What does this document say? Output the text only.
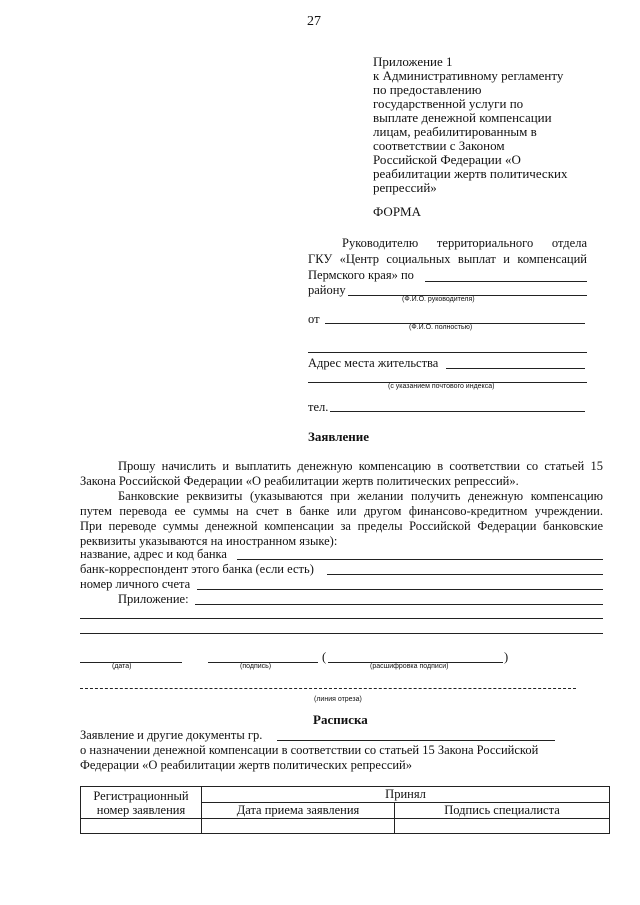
27
Приложение 1
к Административному регламенту
по предоставлению
государственной услуги по
выплате денежной компенсации
лицам, реабилитированным в
соответствии с Законом
Российской Федерации «О
реабилитации жертв политических
репрессий»
ФОРМА
Руководителю территориального отдела
ГКУ «Центр социальных выплат и компенсаций
Пермского края» по
району
(Ф.И.О. руководителя)
от
(Ф.И.О. полностью)
Адрес места жительства
(с указанием почтового индекса)
тел.
Заявление
Прошу начислить и выплатить денежную компенсацию в соответствии со статьей 15
Закона Российской Федерации «О реабилитации жертв политических репрессий».
Банковские реквизиты (указываются при желании получить денежную компенсацию
путем перевода ее суммы на счет в банке или другом финансово-кредитном учреждении.
При переводе суммы денежной компенсации за пределы Российской Федерации банковские
реквизиты указываются на иностранном языке):
название, адрес и код банка
банк-корреспондент этого банка (если есть)
номер личного счета
Приложение:
(дата)	(подпись)
(	)
(расшифровка подписи)
(линия отреза)
Расписка
Заявление и другие документы гр.
о назначении денежной компенсации в соответствии со статьей 15 Закона Российской
Федерации «О реабилитации жертв политических репрессий»
Регистрационный
номер заявления	Принял	
	Дата приема заявления	Подпись специалиста
